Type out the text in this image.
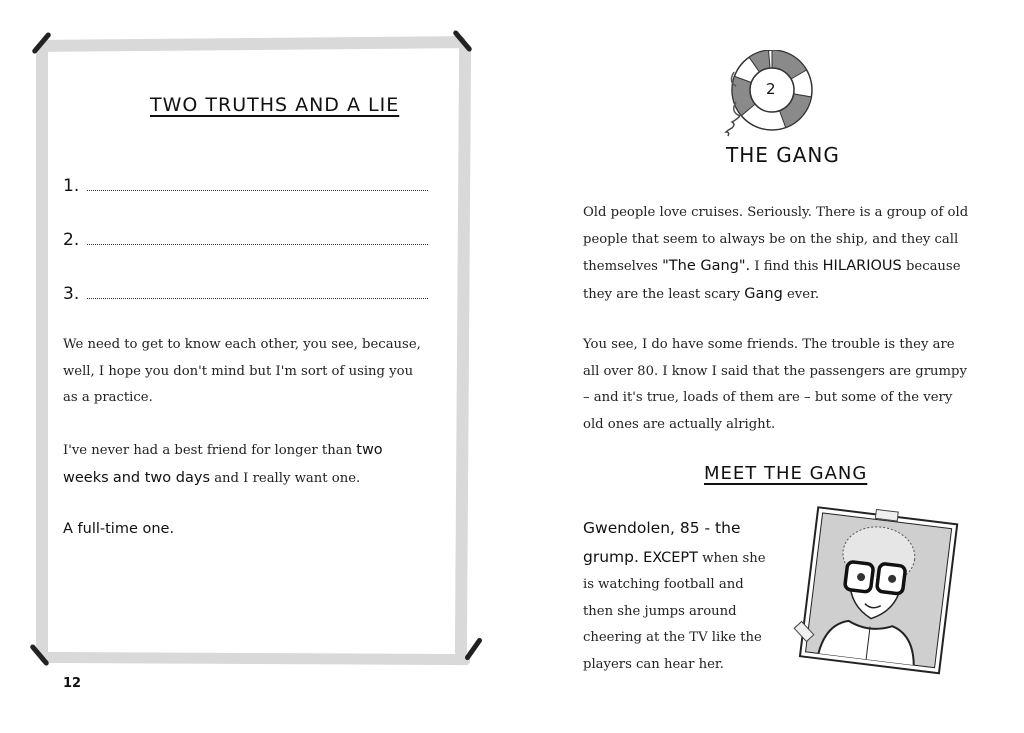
TWO TRUTHS AND A LIE
1.
2.
3.

We need to get to know each other, you see, because, well, I hope you don't mind but I'm sort of using you as a practice.

I've never had a best friend for longer than two weeks and two days and I really want one.

A full-time one.

12
2
THE GANG

Old people love cruises. Seriously. There is a group of old people that seem to always be on the ship, and they call themselves "The Gang". I find this HILARIOUS because they are the least scary Gang ever.

You see, I do have some friends. The trouble is they are all over 80. I know I said that the passengers are grumpy – and it's true, loads of them are – but some of the very old ones are actually alright.

MEET THE GANG

Gwendolen, 85 - the grump. EXCEPT when she is watching football and then she jumps around cheering at the TV like the players can hear her.
